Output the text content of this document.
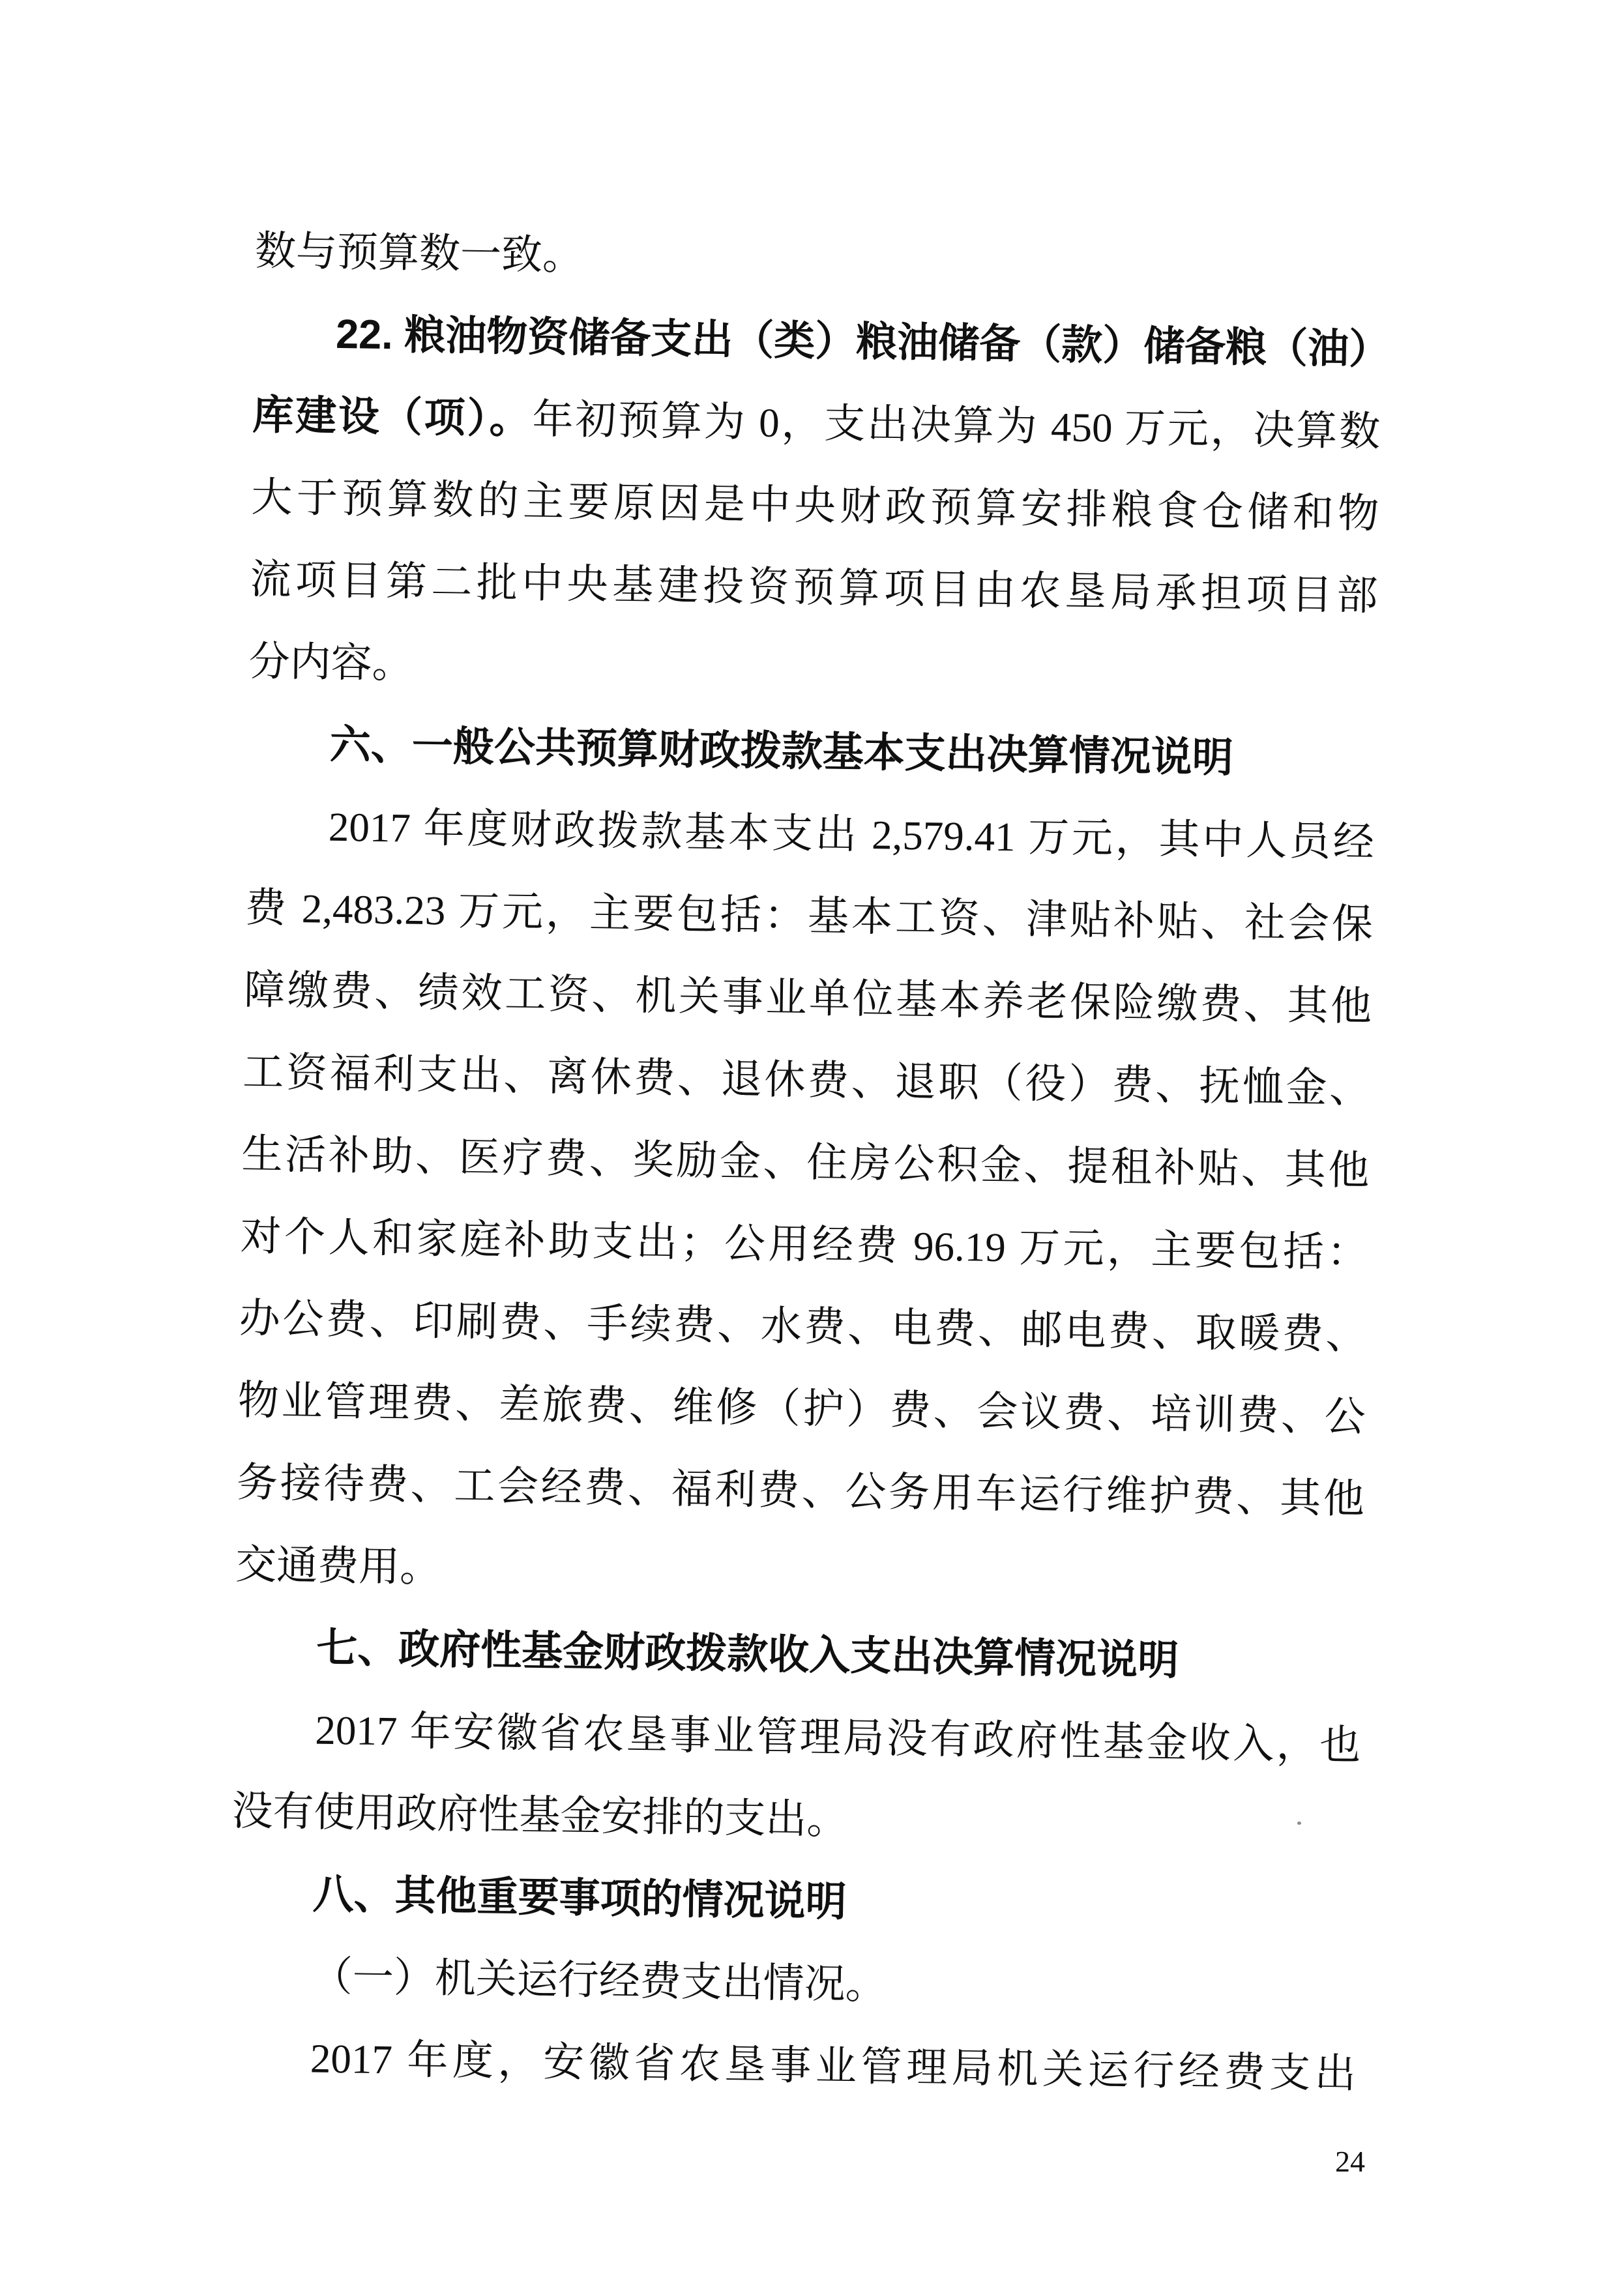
数与预算数一致。
22. 粮油物资储备支出（类）粮油储备（款）储备粮（油）
库建设（项）。年初预算为 0，支出决算为 450 万元，决算数
大于预算数的主要原因是中央财政预算安排粮食仓储和物
流项目第二批中央基建投资预算项目由农垦局承担项目部
分内容。
六、一般公共预算财政拨款基本支出决算情况说明
2017 年度财政拨款基本支出 2,579.41 万元，其中人员经
费 2,483.23 万元，主要包括：基本工资、津贴补贴、社会保
障缴费、绩效工资、机关事业单位基本养老保险缴费、其他
工资福利支出、离休费、退休费、退职（役）费、抚恤金、
生活补助、医疗费、奖励金、住房公积金、提租补贴、其他
对个人和家庭补助支出；公用经费 96.19 万元，主要包括：
办公费、印刷费、手续费、水费、电费、邮电费、取暖费、
物业管理费、差旅费、维修（护）费、会议费、培训费、公
务接待费、工会经费、福利费、公务用车运行维护费、其他
交通费用。
七、政府性基金财政拨款收入支出决算情况说明
2017 年安徽省农垦事业管理局没有政府性基金收入，也
没有使用政府性基金安排的支出。
八、其他重要事项的情况说明
（一）机关运行经费支出情况。
2017 年度，安徽省农垦事业管理局机关运行经费支出
24
